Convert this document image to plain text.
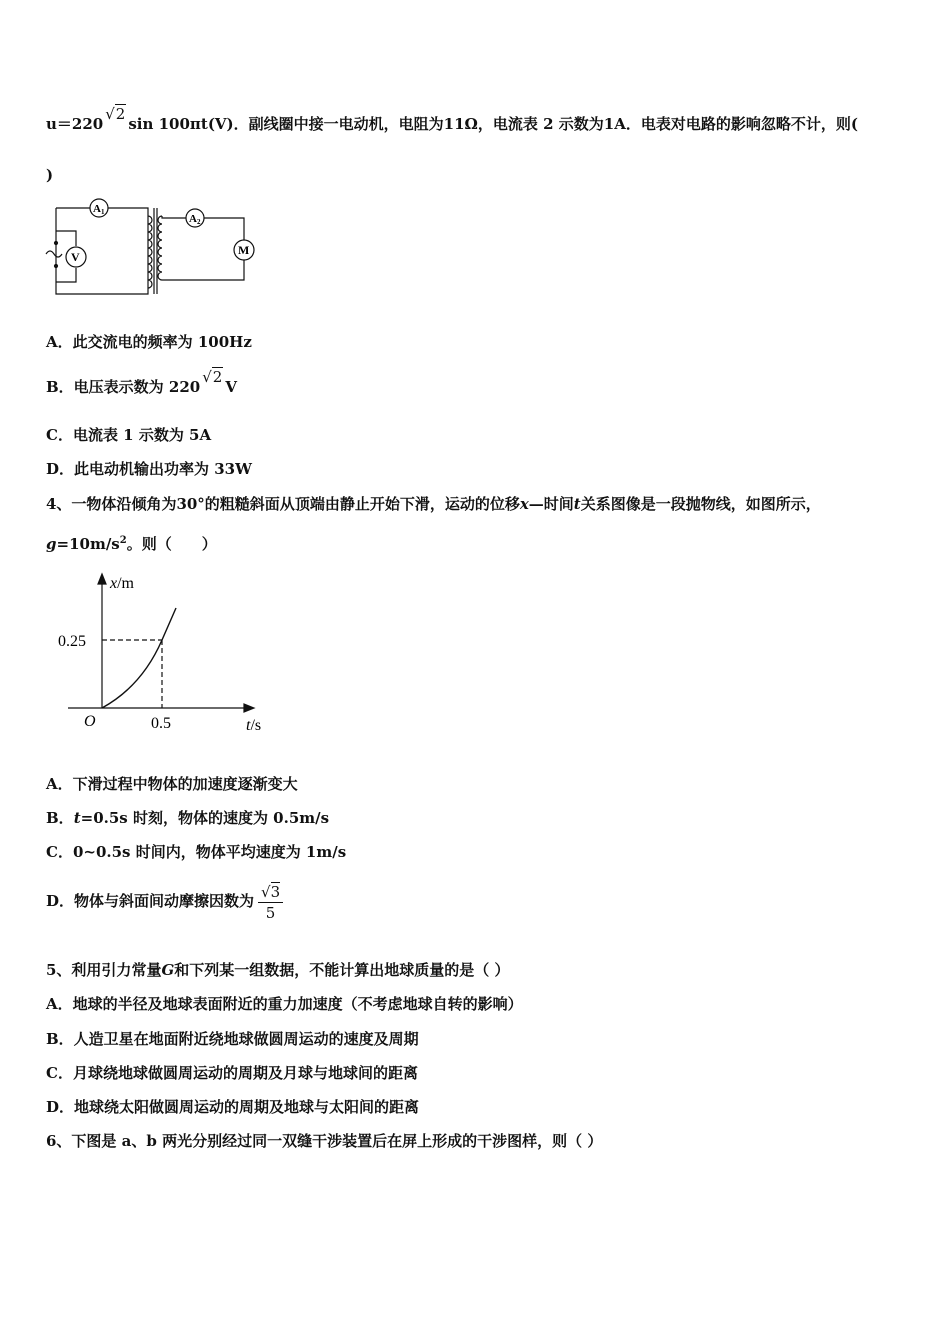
u＝220√2sin 100πt(V)．副线圈中接一电动机，电阻为11Ω，电流表 2 示数为1A．电表对电路的影响忽略不计，则(
)
A1
V
A2
M
A．此交流电的频率为 100Hz
B．电压表示数为 220√2V
C．电流表 1 示数为 5A
D．此电动机输出功率为 33W
4、一物体沿倾角为30°的粗糙斜面从顶端由静止开始下滑，运动的位移x—时间t关系图像是一段抛物线，如图所示，
$g=10m/s^2$。则（　　）
x/m
0.25
O	0.5	t/s
A．下滑过程中物体的加速度逐渐变大
B．t=0.5s 时刻，物体的速度为 0.5m/s
C．0~0.5s 时间内，物体平均速度为 1m/s
D．物体与斜面间动摩擦因数为 $\frac{√3}{5}$
5、利用引力常量G和下列某一组数据，不能计算出地球质量的是（ ）
A．地球的半径及地球表面附近的重力加速度（不考虑地球自转的影响）
B．人造卫星在地面附近绕地球做圆周运动的速度及周期
C．月球绕地球做圆周运动的周期及月球与地球间的距离
D．地球绕太阳做圆周运动的周期及地球与太阳间的距离
6、下图是 a、b 两光分别经过同一双缝干涉装置后在屏上形成的干涉图样，则（ ）
